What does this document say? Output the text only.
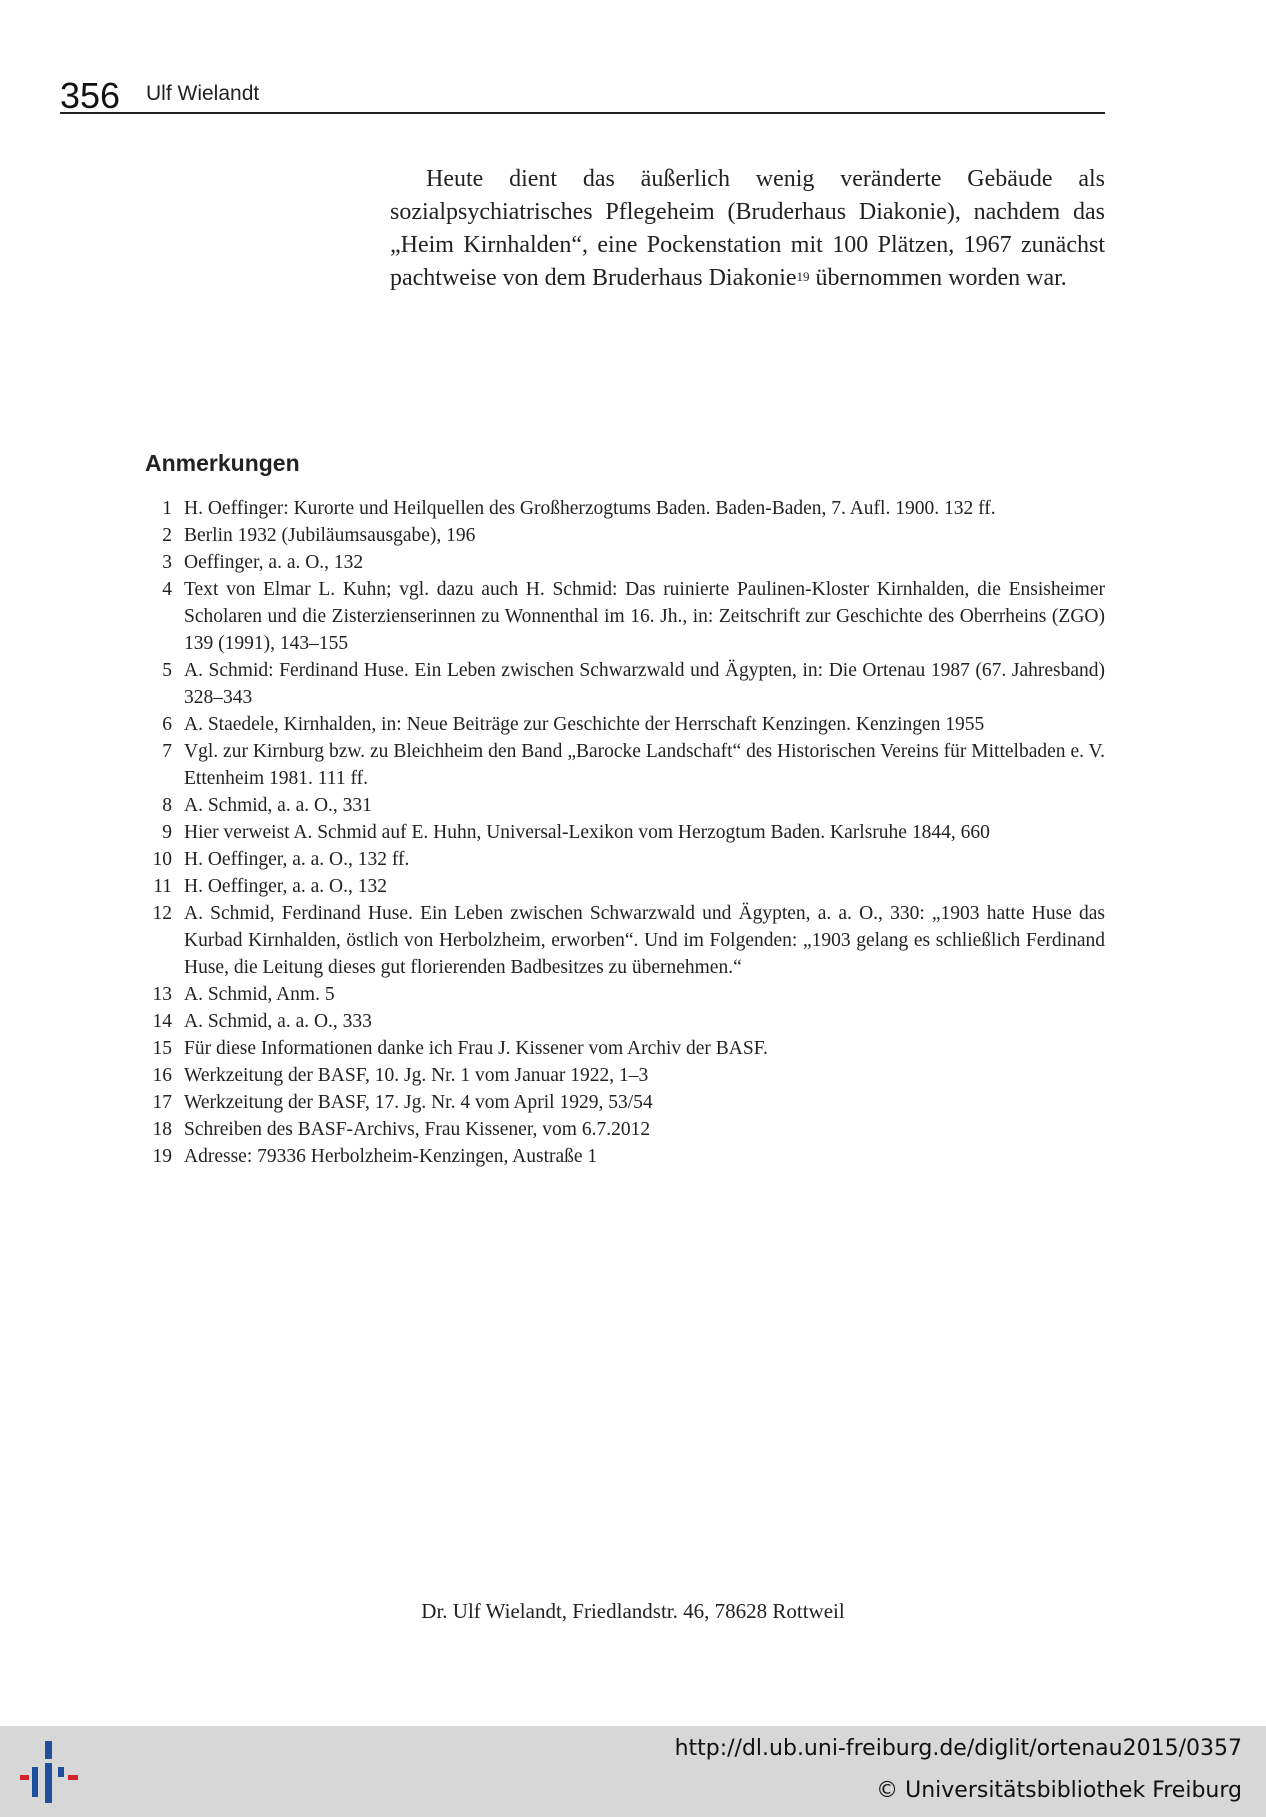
356 Ulf Wielandt

Heute dient das äußerlich wenig veränderte Gebäude als sozialpsychiatrisches Pflegeheim (Bruderhaus Diakonie), nachdem das „Heim Kirnhalden“, eine Pockenstation mit 100 Plätzen, 1967 zunächst pachtweise von dem Bruderhaus Diakonie$^{19}$ übernommen worden war.

Anmerkungen
1 H. Oeffinger: Kurorte und Heilquellen des Großherzogtums Baden. Baden-Baden, 7. Aufl. 1900. 132 ff.
2 Berlin 1932 (Jubiläumsausgabe), 196
3 Oeffinger, a. a. O., 132
4 Text von Elmar L. Kuhn; vgl. dazu auch H. Schmid: Das ruinierte Paulinen-Kloster Kirnhalden, die Ensisheimer Scholaren und die Zisterzienserinnen zu Wonnenthal im 16. Jh., in: Zeitschrift zur Geschichte des Oberrheins (ZGO) 139 (1991), 143–155
5 A. Schmid: Ferdinand Huse. Ein Leben zwischen Schwarzwald und Ägypten, in: Die Ortenau 1987 (67. Jahresband) 328–343
6 A. Staedele, Kirnhalden, in: Neue Beiträge zur Geschichte der Herrschaft Kenzingen. Kenzingen 1955
7 Vgl. zur Kirnburg bzw. zu Bleichheim den Band „Barocke Landschaft“ des Historischen Vereins für Mittelbaden e. V. Ettenheim 1981. 111 ff.
8 A. Schmid, a. a. O., 331
9 Hier verweist A. Schmid auf E. Huhn, Universal-Lexikon vom Herzogtum Baden. Karlsruhe 1844, 660
10 H. Oeffinger, a. a. O., 132 ff.
11 H. Oeffinger, a. a. O., 132
12 A. Schmid, Ferdinand Huse. Ein Leben zwischen Schwarzwald und Ägypten, a. a. O., 330: „1903 hatte Huse das Kurbad Kirnhalden, östlich von Herbolzheim, erworben“. Und im Folgenden: „1903 gelang es schließlich Ferdinand Huse, die Leitung dieses gut florierenden Badbesitzes zu übernehmen.“
13 A. Schmid, Anm. 5
14 A. Schmid, a. a. O., 333
15 Für diese Informationen danke ich Frau J. Kissener vom Archiv der BASF.
16 Werkzeitung der BASF, 10. Jg. Nr. 1 vom Januar 1922, 1–3
17 Werkzeitung der BASF, 17. Jg. Nr. 4 vom April 1929, 53/54
18 Schreiben des BASF-Archivs, Frau Kissener, vom 6.7.2012
19 Adresse: 79336 Herbolzheim-Kenzingen, Austraße 1
Dr. Ulf Wielandt, Friedlandstr. 46, 78628 Rottweil
http://dl.ub.uni-freiburg.de/diglit/ortenau2015/0357
© Universitätsbibliothek Freiburg
